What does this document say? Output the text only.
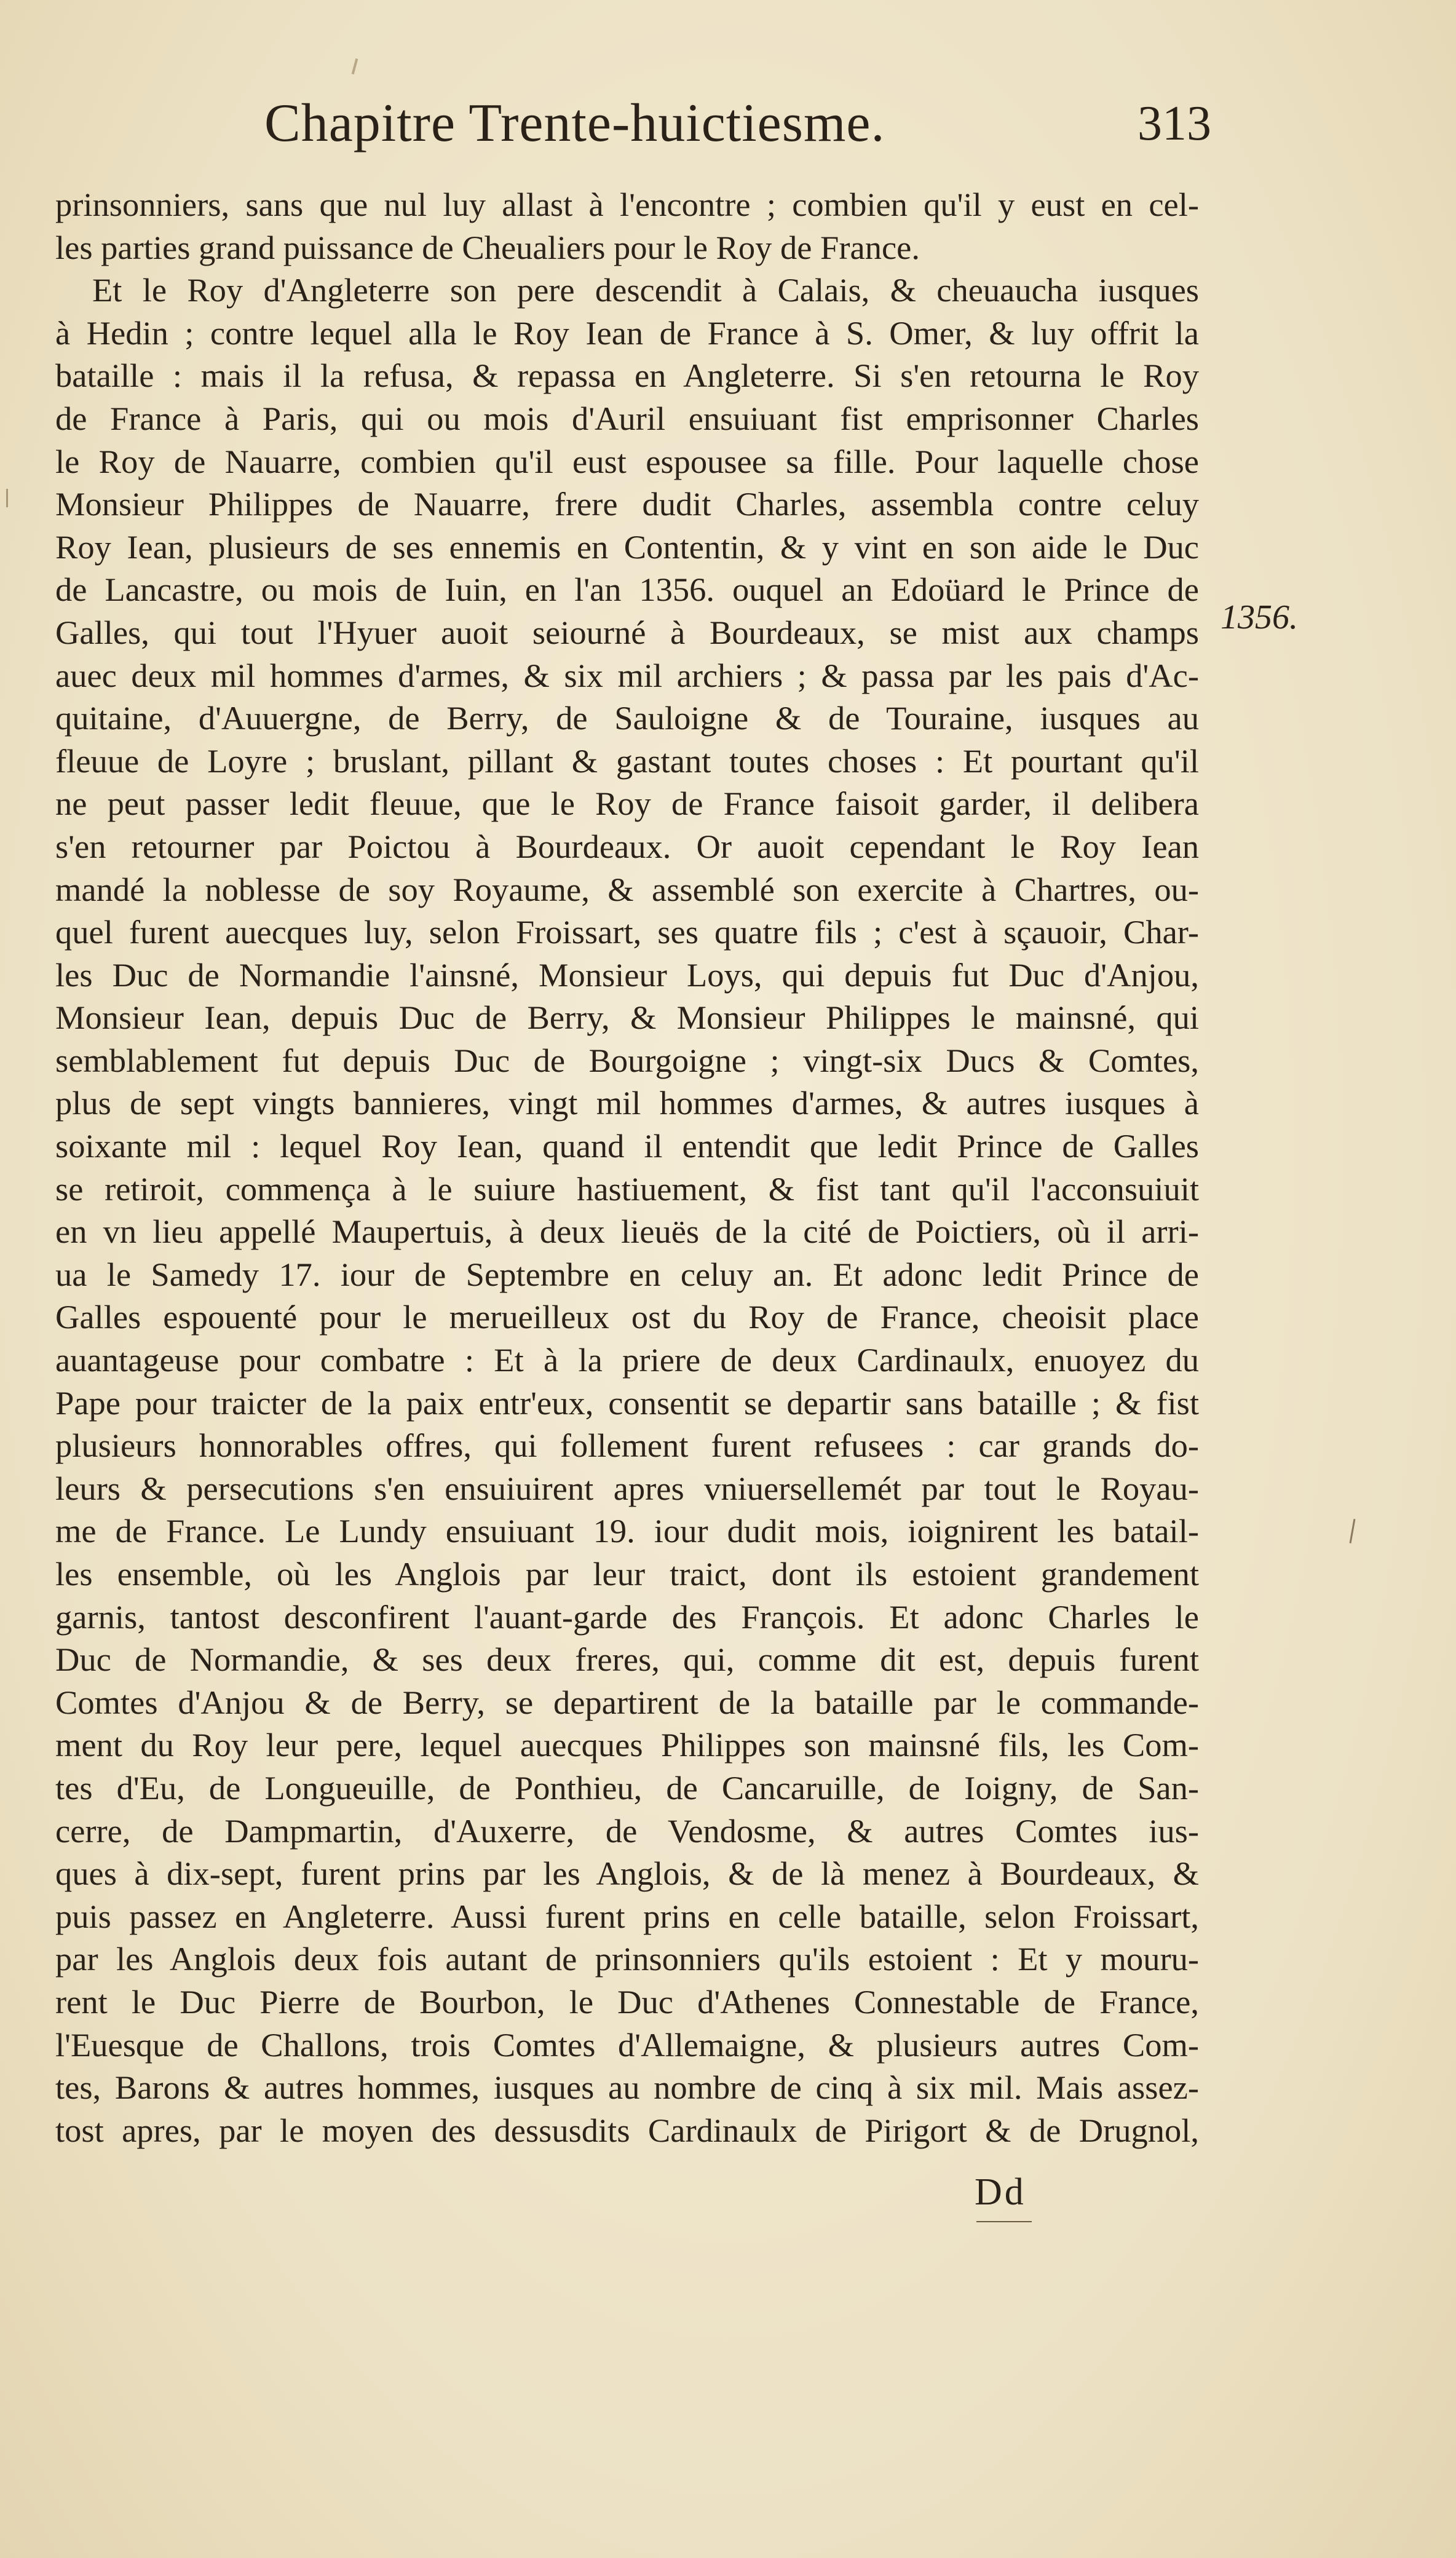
Chapitre Trente-huictiesme.	313
1356.
prinsonniers, sans que nul luy allast à l'encontre ; combien qu'il y eust en cel-
les parties grand puissance de Cheualiers pour le Roy de France.
Et le Roy d'Angleterre son pere descendit à Calais, & cheuaucha iusques
à Hedin ; contre lequel alla le Roy Iean de France à S. Omer, & luy offrit la
bataille : mais il la refusa, & repassa en Angleterre. Si s'en retourna le Roy
de France à Paris, qui ou mois d'Auril ensuiuant fist emprisonner Charles
le Roy de Nauarre, combien qu'il eust espousee sa fille. Pour laquelle chose
Monsieur Philippes de Nauarre, frere dudit Charles, assembla contre celuy
Roy Iean, plusieurs de ses ennemis en Contentin, & y vint en son aide le Duc
de Lancastre, ou mois de Iuin, en l'an 1356. ouquel an Edoüard le Prince de
Galles, qui tout l'Hyuer auoit seiourné à Bourdeaux, se mist aux champs
auec deux mil hommes d'armes, & six mil archiers ; & passa par les pais d'Ac-
quitaine, d'Auuergne, de Berry, de Sauloigne & de Touraine, iusques au
fleuue de Loyre ; bruslant, pillant & gastant toutes choses : Et pourtant qu'il
ne peut passer ledit fleuue, que le Roy de France faisoit garder, il delibera
s'en retourner par Poictou à Bourdeaux. Or auoit cependant le Roy Iean
mandé la noblesse de soy Royaume, & assemblé son exercite à Chartres, ou-
quel furent auecques luy, selon Froissart, ses quatre fils ; c'est à sçauoir, Char-
les Duc de Normandie l'ainsné, Monsieur Loys, qui depuis fut Duc d'Anjou,
Monsieur Iean, depuis Duc de Berry, & Monsieur Philippes le mainsné, qui
semblablement fut depuis Duc de Bourgoigne ; vingt-six Ducs & Comtes,
plus de sept vingts bannieres, vingt mil hommes d'armes, & autres iusques à
soixante mil : lequel Roy Iean, quand il entendit que ledit Prince de Galles
se retiroit, commença à le suiure hastiuement, & fist tant qu'il l'acconsuiuit
en vn lieu appellé Maupertuis, à deux lieuës de la cité de Poictiers, où il arri-
ua le Samedy 17. iour de Septembre en celuy an. Et adonc ledit Prince de
Galles espouenté pour le merueilleux ost du Roy de France, cheoisit place
auantageuse pour combatre : Et à la priere de deux Cardinaulx, enuoyez du
Pape pour traicter de la paix entr'eux, consentit se departir sans bataille ; & fist
plusieurs honnorables offres, qui follement furent refusees : car grands do-
leurs & persecutions s'en ensuiuirent apres vniuersellemét par tout le Royau-
me de France. Le Lundy ensuiuant 19. iour dudit mois, ioignirent les batail-
les ensemble, où les Anglois par leur traict, dont ils estoient grandement
garnis, tantost desconfirent l'auant-garde des François. Et adonc Charles le
Duc de Normandie, & ses deux freres, qui, comme dit est, depuis furent
Comtes d'Anjou & de Berry, se departirent de la bataille par le commande-
ment du Roy leur pere, lequel auecques Philippes son mainsné fils, les Com-
tes d'Eu, de Longueuille, de Ponthieu, de Cancaruille, de Ioigny, de San-
cerre, de Dampmartin, d'Auxerre, de Vendosme, & autres Comtes ius-
ques à dix-sept, furent prins par les Anglois, & de là menez à Bourdeaux, &
puis passez en Angleterre. Aussi furent prins en celle bataille, selon Froissart,
par les Anglois deux fois autant de prinsonniers qu'ils estoient : Et y mouru-
rent le Duc Pierre de Bourbon, le Duc d'Athenes Connestable de France,
l'Euesque de Challons, trois Comtes d'Allemaigne, & plusieurs autres Com-
tes, Barons & autres hommes, iusques au nombre de cinq à six mil. Mais assez-
tost apres, par le moyen des dessusdits Cardinaulx de Pirigort & de Drugnol,
Dd
